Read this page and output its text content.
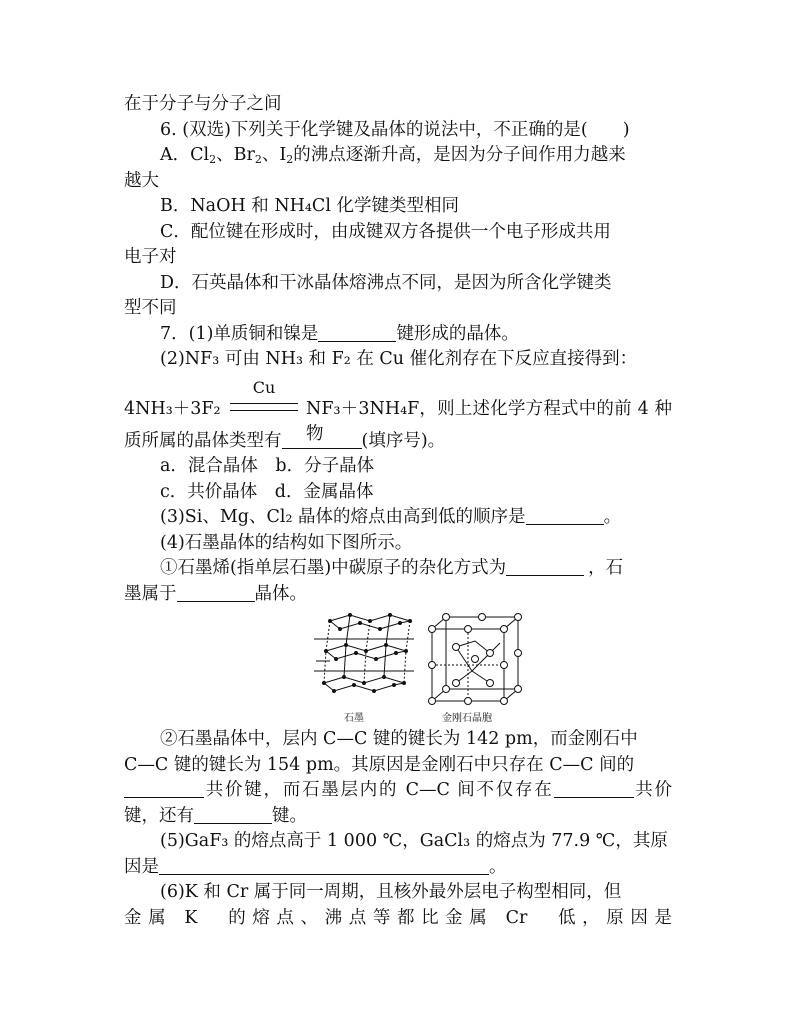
在于分子与分子之间
6. (双选)下列关于化学键及晶体的说法中，不正确的是(　　)
A．$Cl_2$、$Br_2$、$I_2$的沸点逐渐升高，是因为分子间作用力越来
越大
B．NaOH 和 NH₄Cl 化学键类型相同
C．配位键在形成时，由成键双方各提供一个电子形成共用
电子对
D．石英晶体和干冰晶体熔沸点不同，是因为所含化学键类
型不同
7．(1)单质铜和镍是	键形成的晶体。
(2)NF₃ 可由 NH₃ 和 F₂ 在 Cu 催化剂存在下反应直接得到：
4NH₃＋3F₂
Cu
NF₃＋3NH₄F，则上述化学方程式中的前 4 种物
质所属的晶体类型有	(填序号)。
a．混合晶体　b．分子晶体
c．共价晶体　d．金属晶体
(3)Si、Mg、Cl₂ 晶体的熔点由高到低的顺序是	。
(4)石墨晶体的结构如下图所示。
①石墨烯(指单层石墨)中碳原子的杂化方式为	，石
墨属于	晶体。
石墨	金刚石晶胞
②石墨晶体中，层内 C—C 键的键长为 142 pm，而金刚石中
C—C 键的键长为 154 pm。其原因是金刚石中只存在 C—C 间的
共价键，而石墨层内的 C—C 间不仅存在	共价
键，还有	键。
(5)GaF₃ 的熔点高于 1 000 ℃，GaCl₃ 的熔点为 77.9 ℃，其原
因是	。
(6)K 和 Cr 属于同一周期，且核外最外层电子构型相同，但
金属 K　的熔点、沸点等都比金属 Cr　低，原因是
